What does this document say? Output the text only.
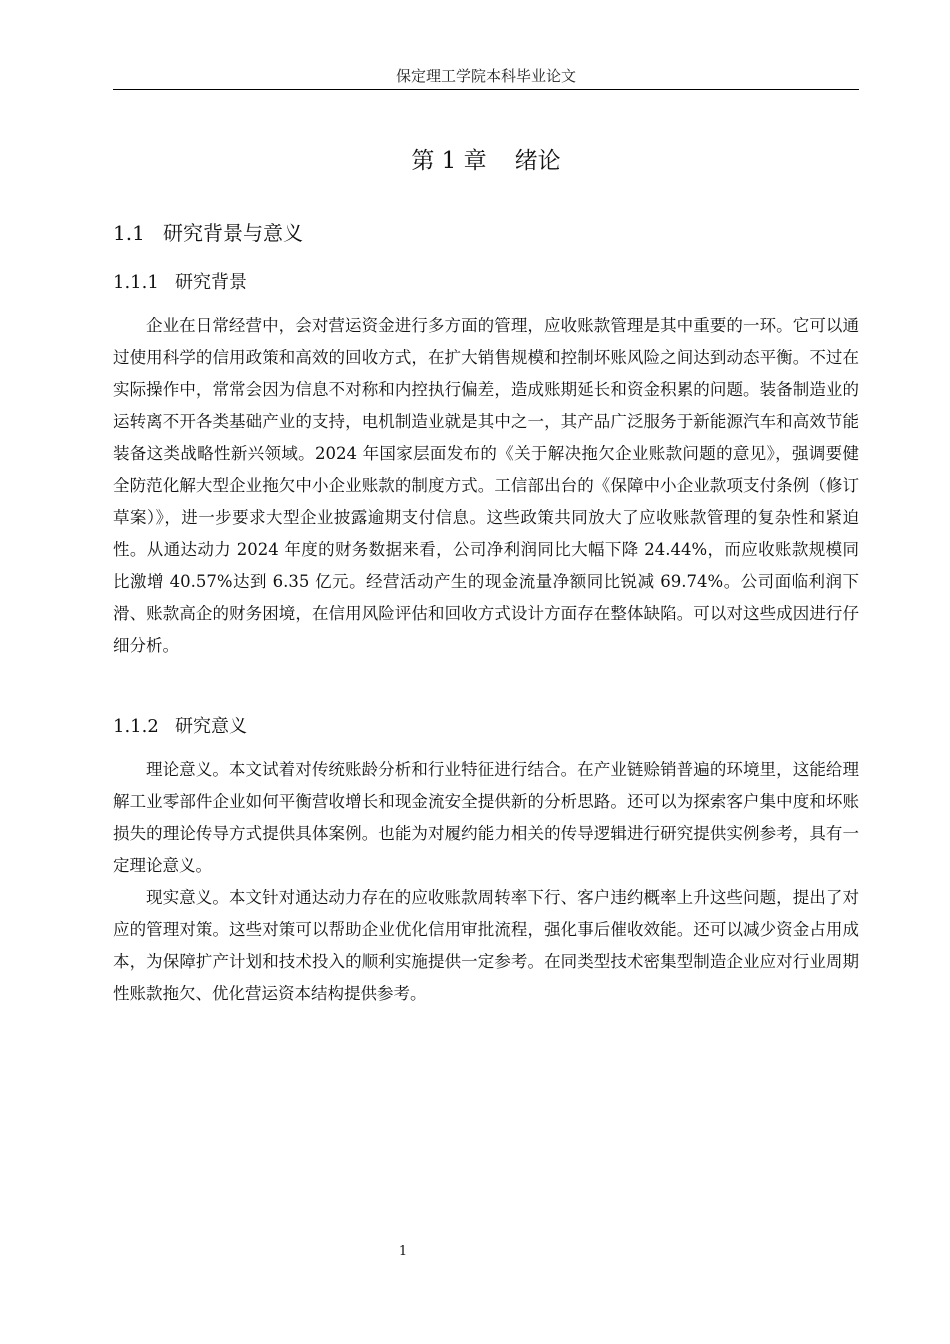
保定理工学院本科毕业论文
第 1 章 绪论
1.1 研究背景与意义
1.1.1 研究背景

企业在日常经营中，会对营运资金进行多方面的管理，应收账款管理是其中重要的一环。它可以通过使用科学的信用政策和高效的回收方式，在扩大销售规模和控制坏账风险之间达到动态平衡。不过在实际操作中，常常会因为信息不对称和内控执行偏差，造成账期延长和资金积累的问题。装备制造业的运转离不开各类基础产业的支持，电机制造业就是其中之一，其产品广泛服务于新能源汽车和高效节能装备这类战略性新兴领域。2024 年国家层面发布的《关于解决拖欠企业账款问题的意见》，强调要健全防范化解大型企业拖欠中小企业账款的制度方式。工信部出台的《保障中小企业款项支付条例（修订草案）》，进一步要求大型企业披露逾期支付信息。这些政策共同放大了应收账款管理的复杂性和紧迫性。从通达动力 2024 年度的财务数据来看，公司净利润同比大幅下降 24.44%，而应收账款规模同比激增 40.57%达到 6.35 亿元。经营活动产生的现金流量净额同比锐减 69.74%。公司面临利润下滑、账款高企的财务困境，在信用风险评估和回收方式设计方面存在整体缺陷。可以对这些成因进行仔细分析。

1.1.2 研究意义

理论意义。本文试着对传统账龄分析和行业特征进行结合。在产业链赊销普遍的环境里，这能给理解工业零部件企业如何平衡营收增长和现金流安全提供新的分析思路。还可以为探索客户集中度和坏账损失的理论传导方式提供具体案例。也能为对履约能力相关的传导逻辑进行研究提供实例参考，具有一定理论意义。

现实意义。本文针对通达动力存在的应收账款周转率下行、客户违约概率上升这些问题，提出了对应的管理对策。这些对策可以帮助企业优化信用审批流程，强化事后催收效能。还可以减少资金占用成本，为保障扩产计划和技术投入的顺利实施提供一定参考。在同类型技术密集型制造企业应对行业周期性账款拖欠、优化营运资本结构提供参考。

1
